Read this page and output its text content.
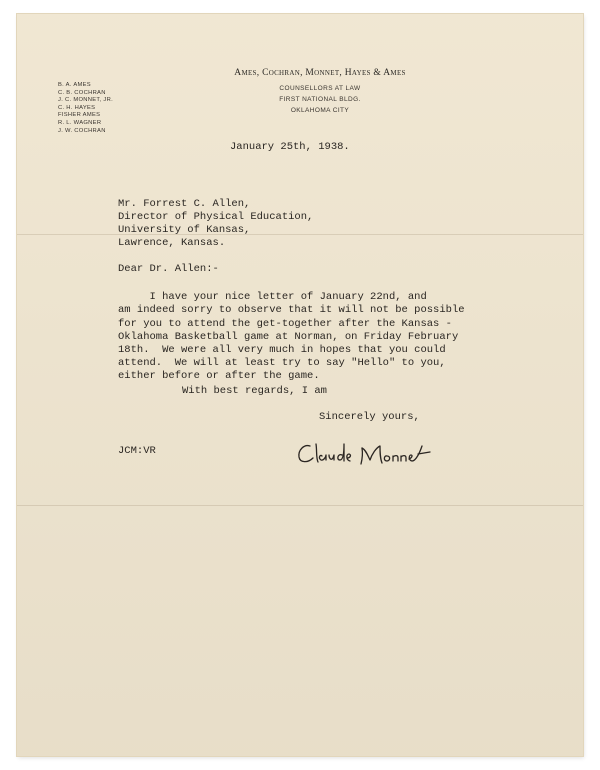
Ames, Cochran, Monnet, Hayes & Ames
COUNSELLORS AT LAW
FIRST NATIONAL BLDG.
OKLAHOMA CITY
B. A. AMES
C. B. COCHRAN
J. C. MONNET, JR.
C. H. HAYES
FISHER AMES
R. L. WAGNER
J. W. COCHRAN
January 25th, 1938.
Mr. Forrest C. Allen,
Director of Physical Education,
University of Kansas,
Lawrence, Kansas.
Dear Dr. Allen:-
I have your nice letter of January 22nd, and
am indeed sorry to observe that it will not be possible
for you to attend the get-together after the Kansas -
Oklahoma Basketball game at Norman, on Friday February
18th.  We were all very much in hopes that you could
attend.  We will at least try to say "Hello" to you,
either before or after the game.
With best regards, I am
Sincerely yours,
JCM:VR
